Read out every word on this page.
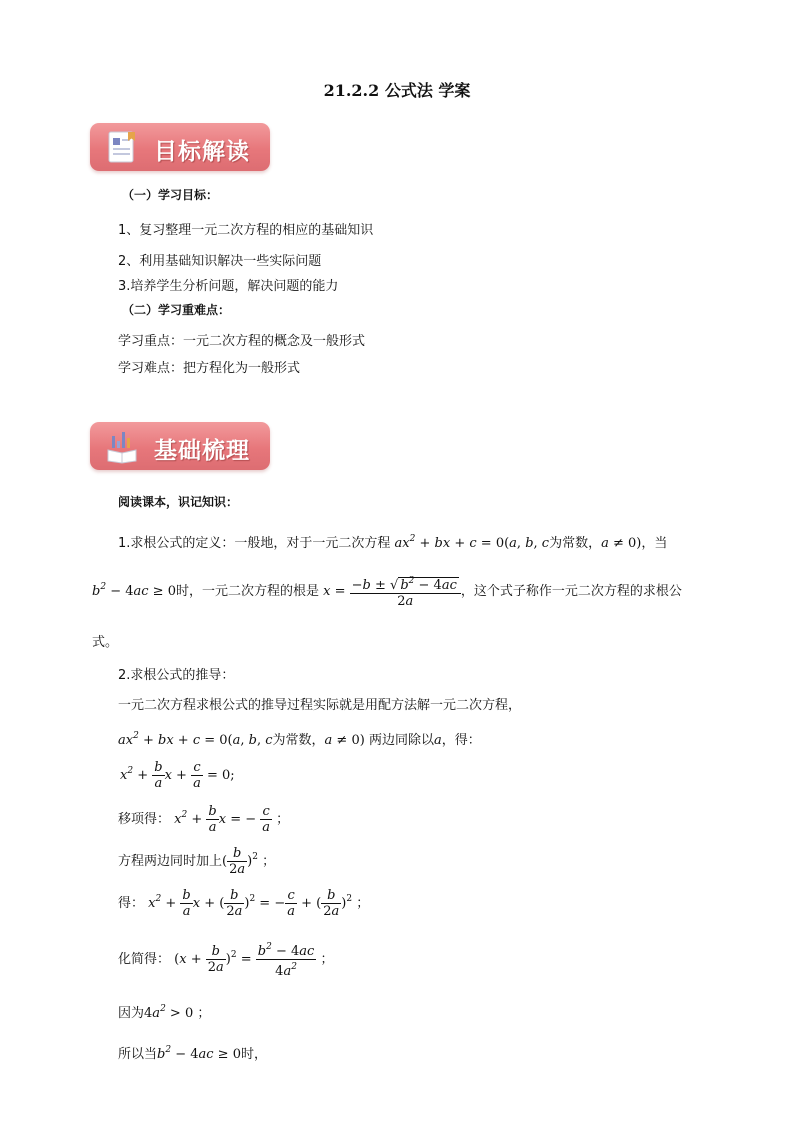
21.2.2 公式法 学案
目标解读
（一）学习目标：
1、复习整理一元二次方程的相应的基础知识
2、利用基础知识解决一些实际问题
3.培养学生分析问题，解决问题的能力
（二）学习重难点：
学习重点：一元二次方程的概念及一般形式
学习难点：把方程化为一般形式
基础梳理
阅读课本，识记知识：
1.求根公式的定义：一般地，对于一元二次方程 $ax^2$ + bx + c = 0(a, b, c为常数，a ≠ 0)，当
$b^2 - 4ac \ge 0$时，一元二次方程的根是 $x = \frac{-b \pm √ b^2 - 4ac}{2a}$ ，这个式子称作一元二次方程的求根公
式。
2.求根公式的推导：
一元二次方程求根公式的推导过程实际就是用配方法解一元二次方程，
$ax^2$ + bx + c = 0(a, b, c为常数，a ≠ 0) 两边同除以a，得：
$x^2 + \frac{b}{a}$ $x + \frac{c}{a} = 0$;
移项得： $x^2 + \frac{b}{a}$ x = − $\frac{c}{a}$ ；
方程两边同时加上( $\frac{b}{2a} )^2$ ；
得： $x^2 + \frac{b}{a}$ x + ( $\frac{b}{2a} )^2$ = − $\frac{c}{a}$ + ( $\frac{b}{2a} )^2$ ；
化简得： $(x + \frac{b}{2a} )^2 = \frac{b^2 - 4ac}{4a^2}$ ；
因为$4a^2 > 0$ ；
所以当$b^2 - 4ac \ge 0$时，
